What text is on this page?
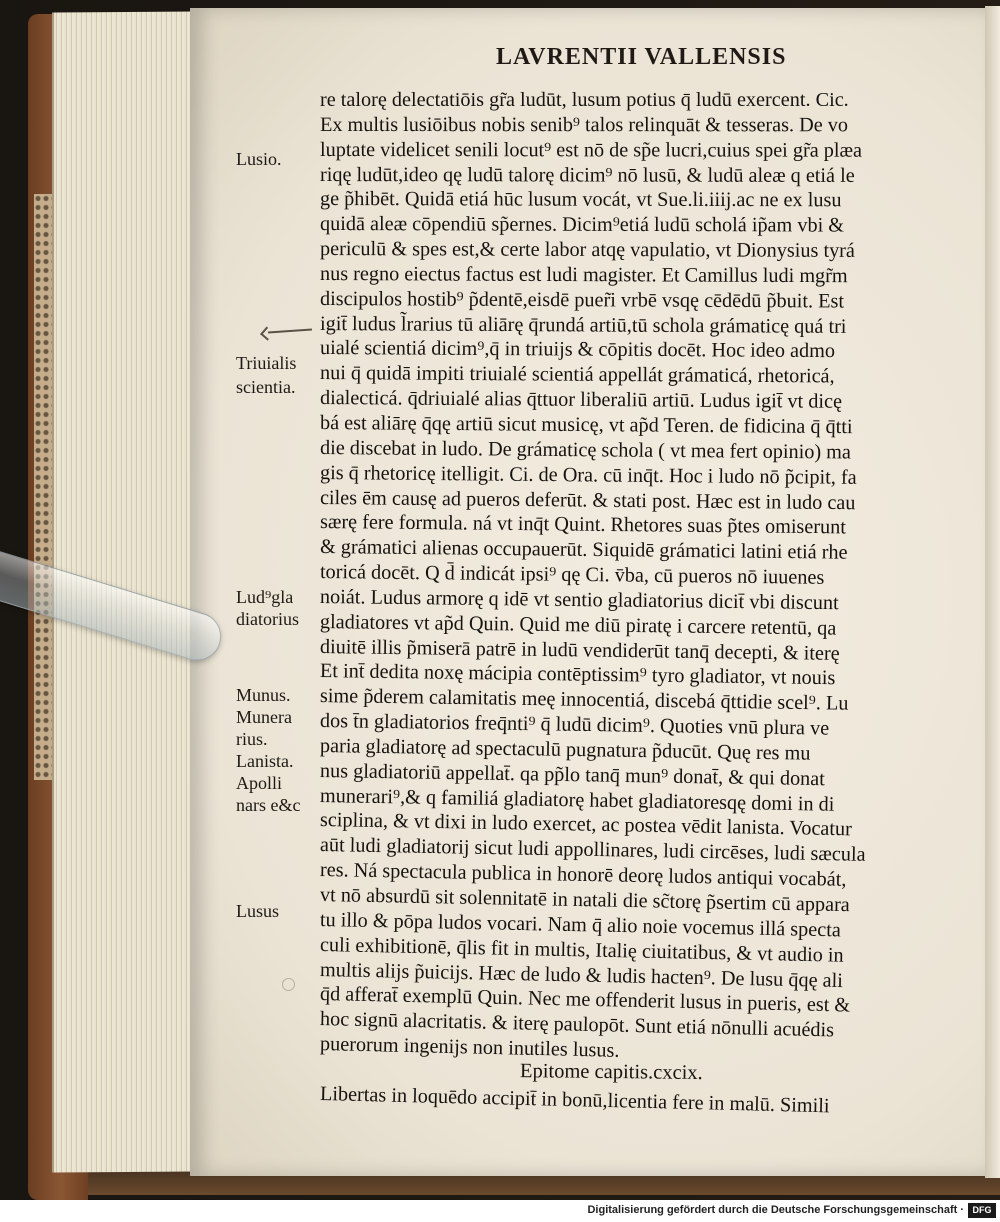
LAVRENTII VALLENSIS
re talorę delectatiōis gr̃a ludūt, lusum potius q̄ ludū exercent. Cic.
Ex multis lusiōibus nobis senib⁹ talos relinquāt & tesseras. De vo
luptate videlicet senili locut⁹ est nō de sp̃e lucri,cuius spei gr̃a plæa
riqę ludūt,ideo qę ludū talorę dicim⁹ nō lusū, & ludū aleæ q etiá le
ge p̃hibēt. Quidā etiá hūc lusum vocát, vt Sue.li.iiij.ac ne ex lusu
quidā aleæ cōpendiū sp̃ernes. Dicim⁹etiá ludū scholá ip̃am vbi &
periculū & spes est,& certe labor atqę vapulatio, vt Dionysius tyrá
nus regno eiectus factus est ludi magister. Et Camillus ludi mgr̃m
discipulos hostib⁹ p̃dentē,eisdē puer̃i vrbē vsqę cēdēdū p̃buit. Est
igit̄ ludus l̃rarius tū aliārę q̄rundá artiū,tū schola grámaticę quá tri
uialé scientiá dicim⁹,q̄ in triuijs & cōpitis docēt. Hoc ideo admo
nui q̄ quidā impiti triuialé scientiá appellát grámaticá, rhetoricá,
dialecticá. q̄driuialé alias q̄ttuor liberaliū artiū. Ludus igit̄ vt dicę
bá est aliārę q̄qę artiū sicut musicę, vt ap̃d Teren. de fidicina q̄ q̄tti
die discebat in ludo. De grámaticę schola ( vt mea fert opinio) ma
gis q̄ rhetoricę itelligit. Ci. de Ora. cū inq̄t. Hoc i ludo nō p̃cipit, fa
ciles ēm causę ad pueros deferūt. & stati post. Hæc est in ludo cau
særę fere formula. ná vt inq̄t Quint. Rhetores suas p̃tes omiserunt
& grámatici alienas occupauerūt. Siquidē grámatici latini etiá rhe
toricá docēt. Q d̄ indicát ipsi⁹ qę Ci. v̄ba, cū pueros nō iuuenes
noiát. Ludus armorę q idē vt sentio gladiatorius dicit̄ vbi discunt
gladiatores vt ap̃d Quin. Quid me diū piratę i carcere retentū, qa
diuitē illis p̃miserā patrē in ludū vendiderūt tanq̄ decepti, & iterę
Et int̄ dedita noxę mácipia contēptissim⁹ tyro gladiator, vt nouis
sime p̃derem calamitatis meę innocentiá, discebá q̄ttidie scel⁹. Lu
dos t̄n gladiatorios freq̄nti⁹ q̄ ludū dicim⁹. Quoties vnū plura ve
paria gladiatorę ad spectaculū pugnatura p̃ducūt. Quę res mu
nus gladiatoriū appellat̄. qa pp̃lo tanq̄ mun⁹ donat̄, & qui donat
munerari⁹,& q familiá gladiatorę habet gladiatoresqę domi in di
sciplina, & vt dixi in ludo exercet, ac postea vēdit lanista. Vocatur
aūt ludi gladiatorij sicut ludi appollinares, ludi circēses, ludi sæcula
res. Ná spectacula publica in honorē deorę ludos antiqui vocabát,
vt nō absurdū sit solennitatē in natali die sc̃torę p̃sertim cū appara
tu illo & pōpa ludos vocari. Nam q̄ alio noie vocemus illá specta
culi exhibitionē, q̄lis fit in multis, Italię ciuitatibus, & vt audio in
multis alijs p̃uicijs. Hæc de ludo & ludis hacten⁹. De lusu q̄qę ali
q̄d afferat̄ exemplū Quin. Nec me offenderit lusus in pueris, est &
hoc signū alacritatis. & iterę paulopōt. Sunt etiá nōnulli acuédis
puerorum ingenijs non inutiles lusus.
Epitome capitis.cxcix.
Libertas in loquēdo accipit̄ in bonū,licentia fere in malū. Simili
Lusio.
Triuialis
scientia.
Lud⁹gla
diatorius
Munus.
Munera
rius.
Lanista.
Apolli
nars e&c
Lusus
Digitalisierung gefördert durch die Deutsche Forschungsgemeinschaft · DFG
